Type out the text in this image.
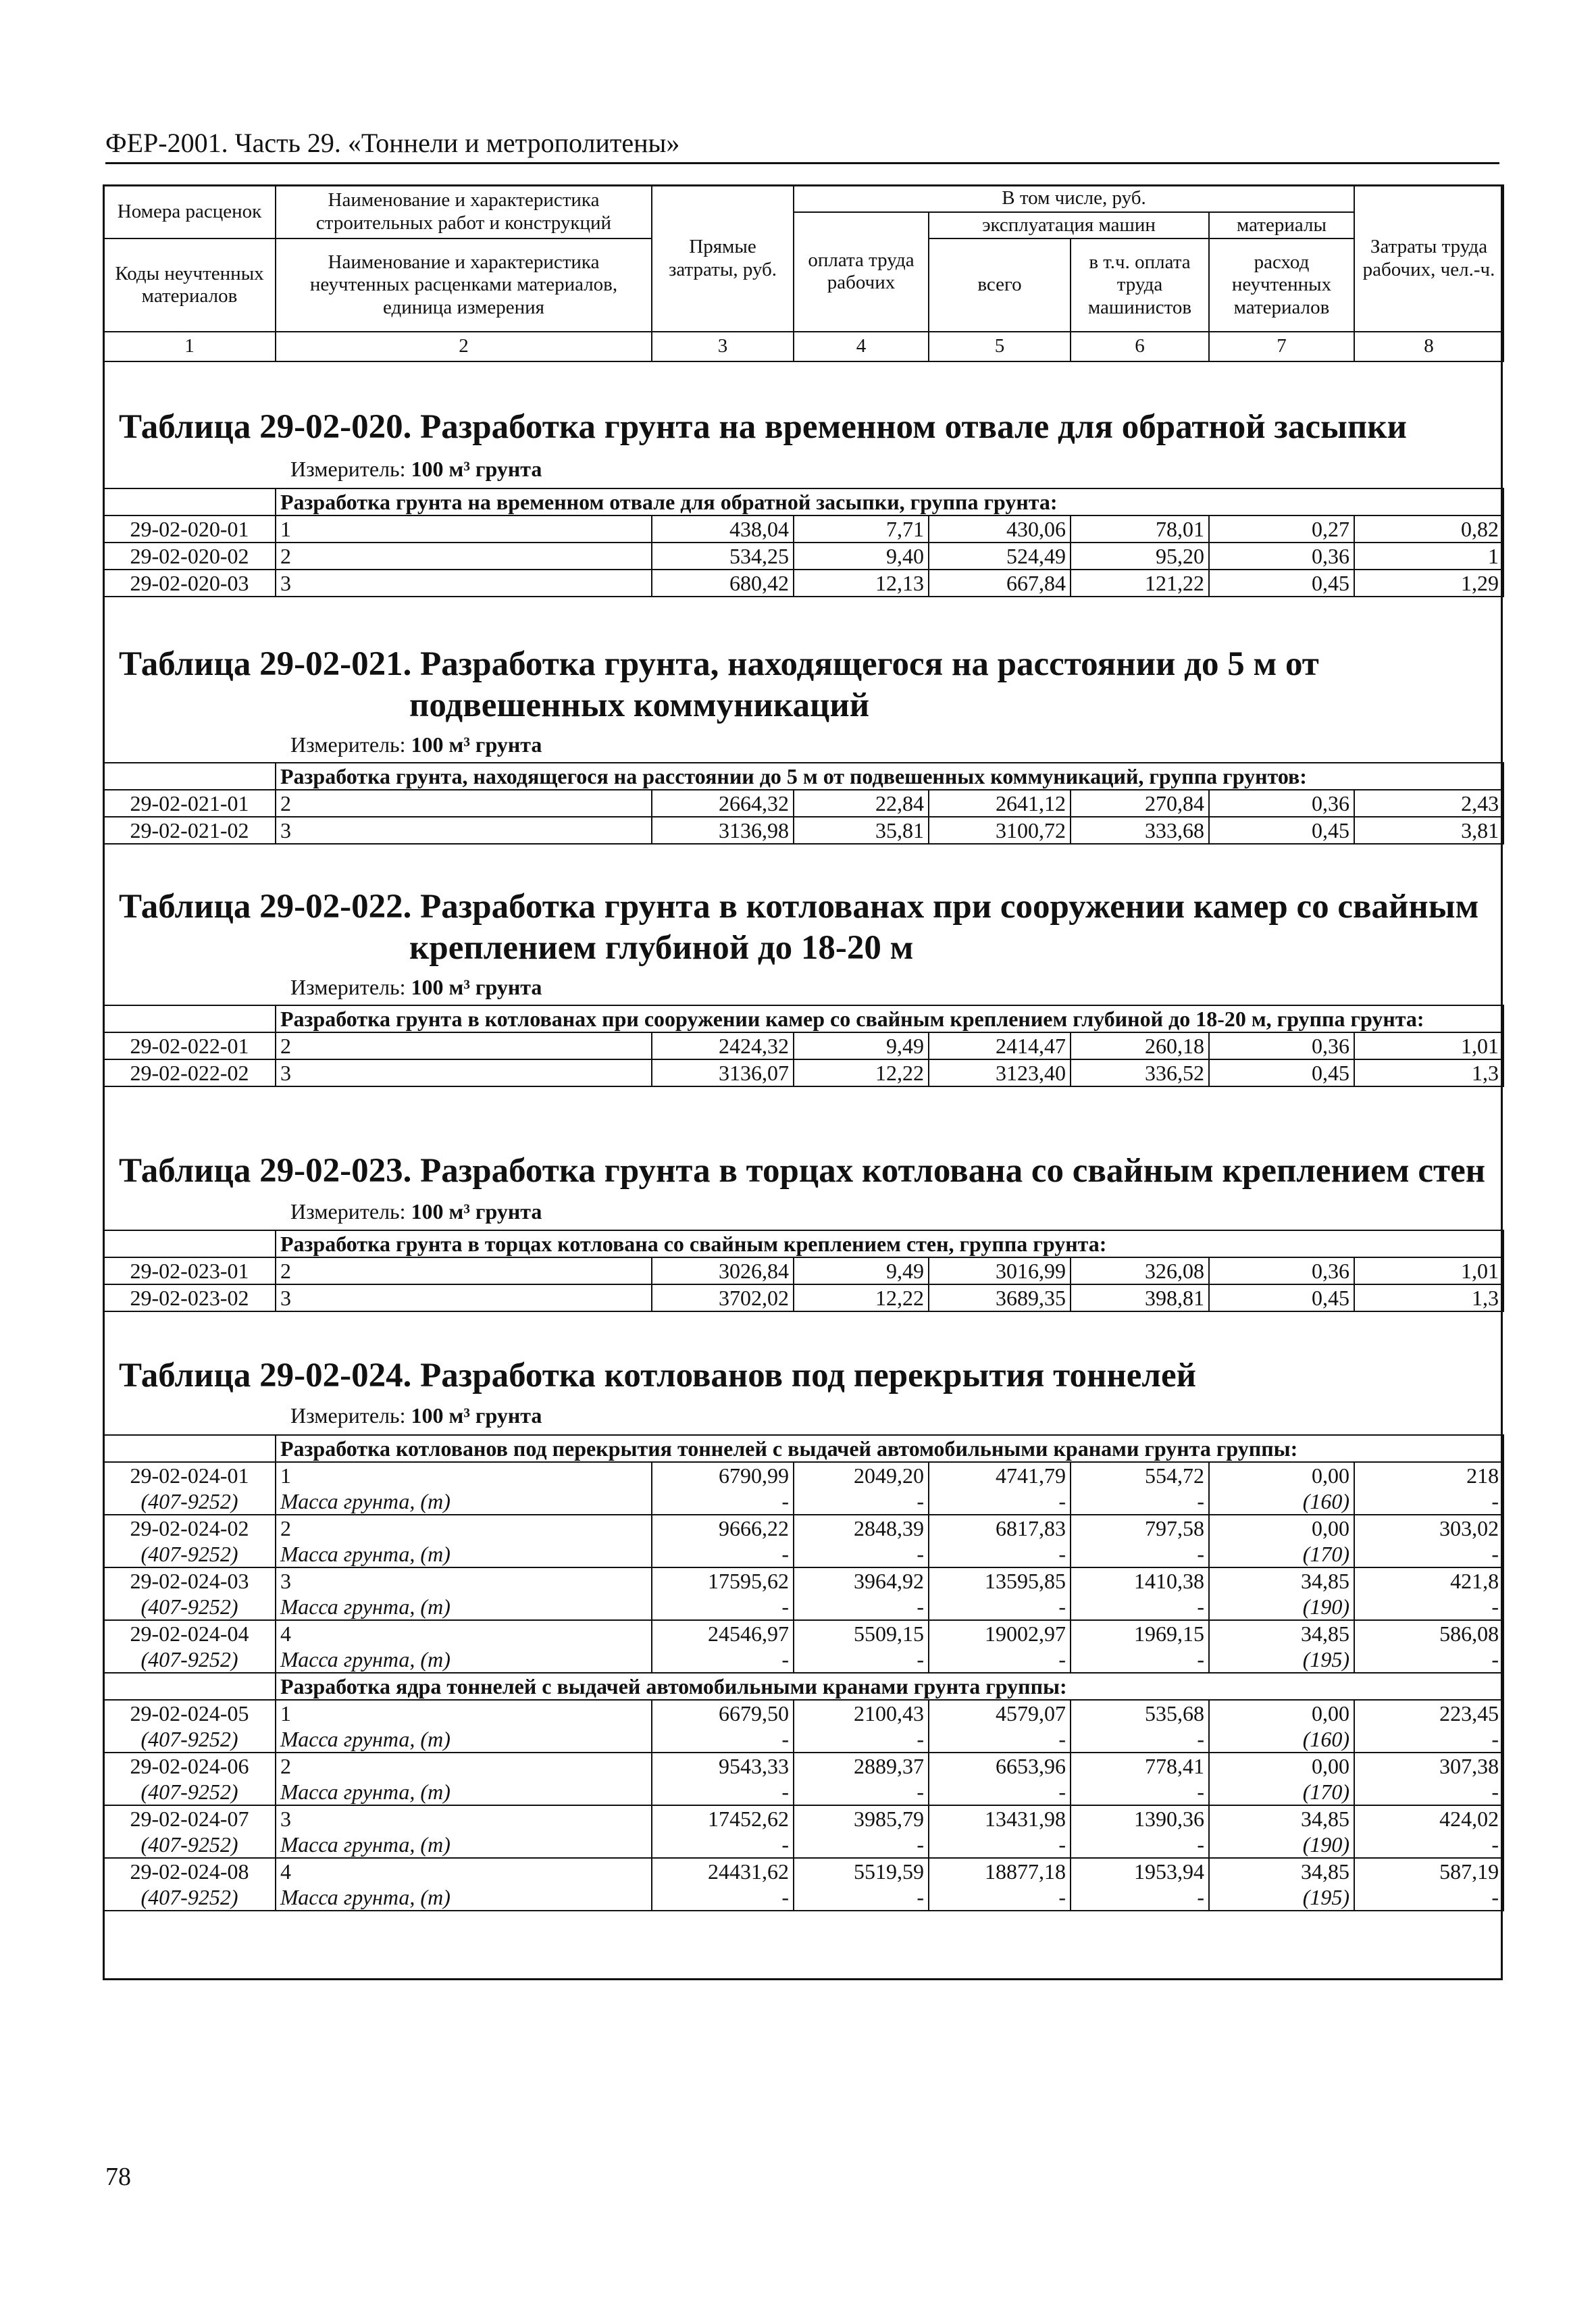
ФЕР-2001. Часть 29. «Тоннели и метрополитены»
Номера расценок	Наименование и характеристика строительных работ и конструкций	Прямые затраты, руб.	В том числе, руб.				Затраты труда рабочих, чел.-ч.
			оплата труда рабочих	эксплуатация машин		материалы	
Коды неучтенных материалов	Наименование и характеристика неучтенных расценками материалов, единица измерения			всего	в т.ч. оплата труда машинистов	расход неучтенных материалов	

1	2	3	4	5	6	7	8
Таблица 29-02-020. Разработка грунта на временном отвале для обратной засыпки
Измеритель: 100 м³ грунта
	Разработка грунта на временном отвале для обратной засыпки, группа грунта:						
29-02-020-01	1	438,04	7,71	430,06	78,01	0,27	0,82
29-02-020-02	2	534,25	9,40	524,49	95,20	0,36	1
29-02-020-03	3	680,42	12,13	667,84	121,22	0,45	1,29
Таблица 29-02-021. Разработка грунта, находящегося на расстоянии до 5 м от
подвешенных коммуникаций
Измеритель: 100 м³ грунта
	Разработка грунта, находящегося на расстоянии до 5 м от подвешенных коммуникаций, группа грунтов:						
29-02-021-01	2	2664,32	22,84	2641,12	270,84	0,36	2,43
29-02-021-02	3	3136,98	35,81	3100,72	333,68	0,45	3,81
Таблица 29-02-022. Разработка грунта в котлованах при сооружении камер со свайным
креплением глубиной до 18-20 м
Измеритель: 100 м³ грунта
	Разработка грунта в котлованах при сооружении камер со свайным креплением глубиной до 18-20 м, группа грунта:						
29-02-022-01	2	2424,32	9,49	2414,47	260,18	0,36	1,01
29-02-022-02	3	3136,07	12,22	3123,40	336,52	0,45	1,3
Таблица 29-02-023. Разработка грунта в торцах котлована со свайным креплением стен
Измеритель: 100 м³ грунта
	Разработка грунта в торцах котлована со свайным креплением стен, группа грунта:						
29-02-023-01	2	3026,84	9,49	3016,99	326,08	0,36	1,01
29-02-023-02	3	3702,02	12,22	3689,35	398,81	0,45	1,3
Таблица 29-02-024. Разработка котлованов под перекрытия тоннелей
Измеритель: 100 м³ грунта
	Разработка котлованов под перекрытия тоннелей с выдачей автомобильными кранами грунта группы:						
29-02-024-01	1	6790,99	2049,20	4741,79	554,72	0,00	218
(407-9252)	Масса грунта, (т)	-	-	-	-	(160)	-
29-02-024-02	2	9666,22	2848,39	6817,83	797,58	0,00	303,02
(407-9252)	Масса грунта, (т)	-	-	-	-	(170)	-
29-02-024-03	3	17595,62	3964,92	13595,85	1410,38	34,85	421,8
(407-9252)	Масса грунта, (т)	-	-	-	-	(190)	-
29-02-024-04	4	24546,97	5509,15	19002,97	1969,15	34,85	586,08
(407-9252)	Масса грунта, (т)	-	-	-	-	(195)	-
	Разработка ядра тоннелей с выдачей автомобильными кранами грунта группы:						
29-02-024-05	1	6679,50	2100,43	4579,07	535,68	0,00	223,45
(407-9252)	Масса грунта, (т)	-	-	-	-	(160)	-
29-02-024-06	2	9543,33	2889,37	6653,96	778,41	0,00	307,38
(407-9252)	Масса грунта, (т)	-	-	-	-	(170)	-
29-02-024-07	3	17452,62	3985,79	13431,98	1390,36	34,85	424,02
(407-9252)	Масса грунта, (т)	-	-	-	-	(190)	-
29-02-024-08	4	24431,62	5519,59	18877,18	1953,94	34,85	587,19
(407-9252)	Масса грунта, (т)	-	-	-	-	(195)	-
78
